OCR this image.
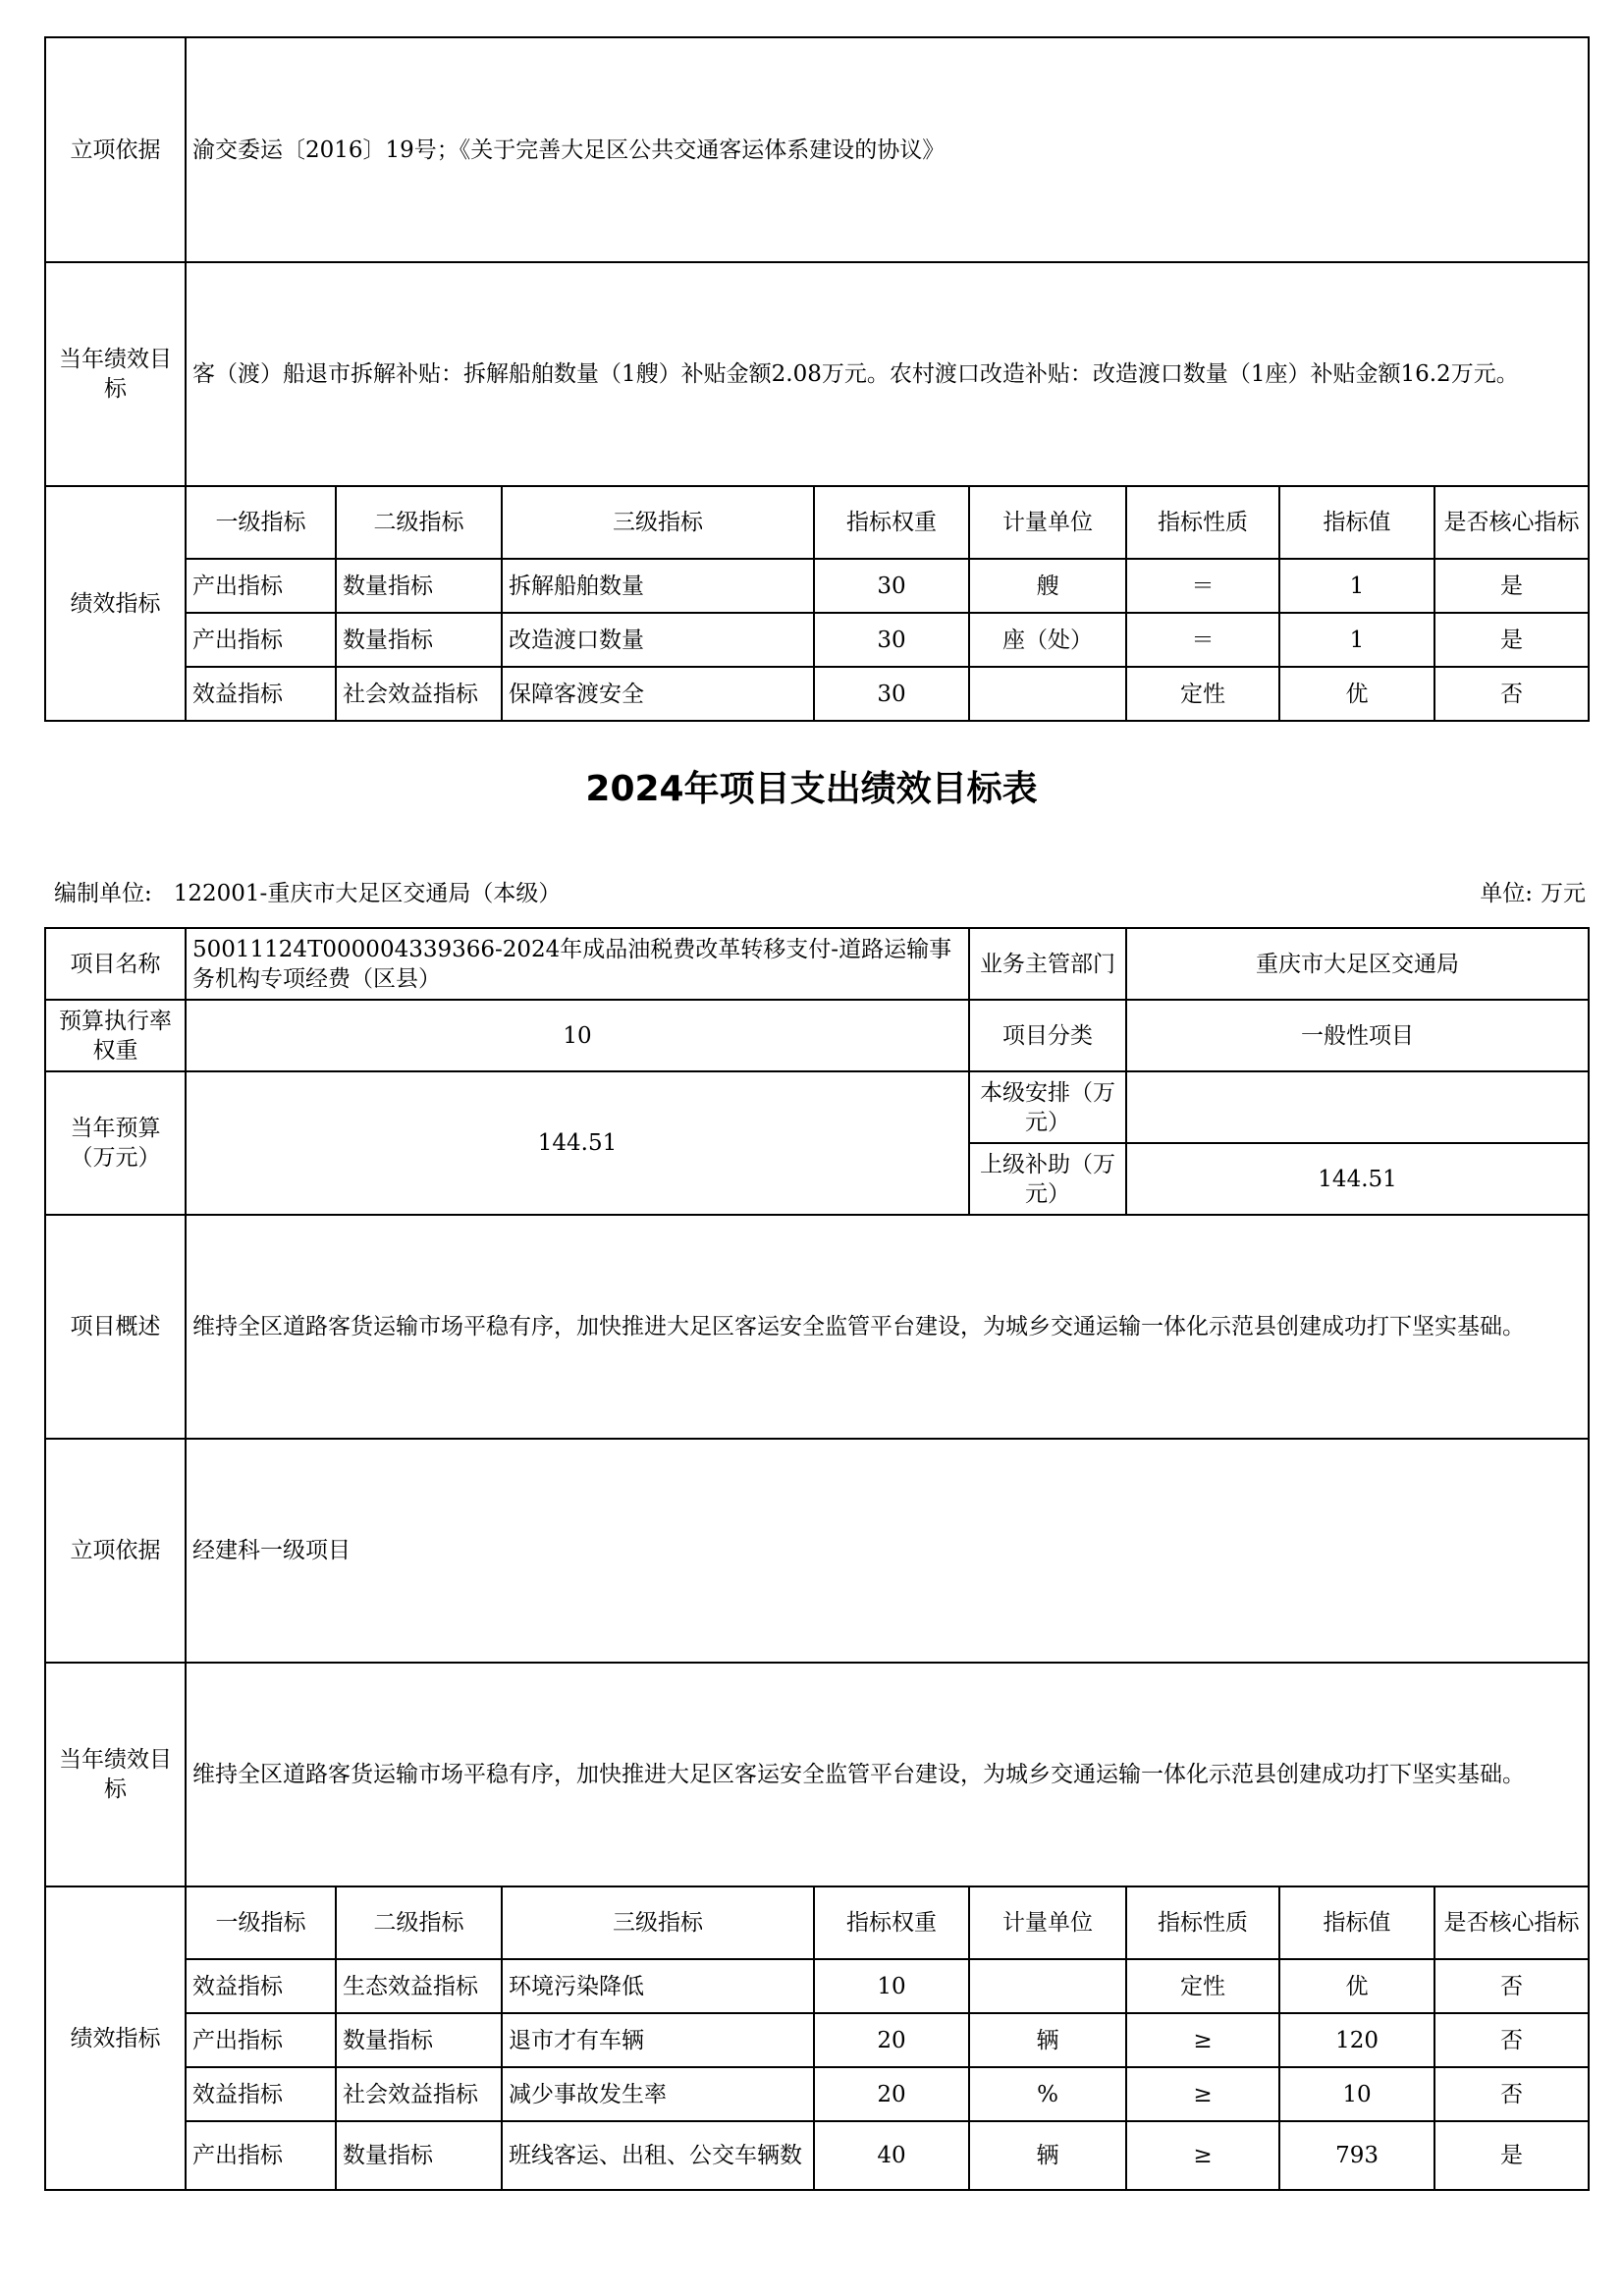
立项依据	渝交委运〔2016〕19号；《关于完善大足区公共交通客运体系建设的协议》							
当年绩效目标	客（渡）船退市拆解补贴：拆解船舶数量（1艘）补贴金额2.08万元。农村渡口改造补贴：改造渡口数量（1座）补贴金额16.2万元。							
绩效指标	一级指标	二级指标	三级指标	指标权重	计量单位	指标性质	指标值	是否核心指标
	产出指标	数量指标	拆解船舶数量	30	艘	＝	1	是
	产出指标	数量指标	改造渡口数量	30	座（处）	＝	1	是
	效益指标	社会效益指标	保障客渡安全	30		定性	优	否
2024年项目支出绩效目标表
编制单位: 122001-重庆市大足区交通局（本级）	单位: 万元
项目名称	50011124T000004339366-2024年成品油税费改革转移支付-道路运输事务机构专项经费（区县）				业务主管部门	重庆市大足区交通局		
预算执行率权重	10				项目分类	一般性项目		
当年预算（万元）	144.51				本级安排（万元）			
					上级补助（万元）	144.51		
项目概述	维持全区道路客货运输市场平稳有序，加快推进大足区客运安全监管平台建设，为城乡交通运输一体化示范县创建成功打下坚实基础。							
立项依据	经建科一级项目							
当年绩效目标	维持全区道路客货运输市场平稳有序，加快推进大足区客运安全监管平台建设，为城乡交通运输一体化示范县创建成功打下坚实基础。							
绩效指标	一级指标	二级指标	三级指标	指标权重	计量单位	指标性质	指标值	是否核心指标
	效益指标	生态效益指标	环境污染降低	10		定性	优	否
	产出指标	数量指标	退市才有车辆	20	辆	≥	120	否
	效益指标	社会效益指标	减少事故发生率	20	%	≥	10	否
	产出指标	数量指标	班线客运、出租、公交车辆数	40	辆	≥	793	是
